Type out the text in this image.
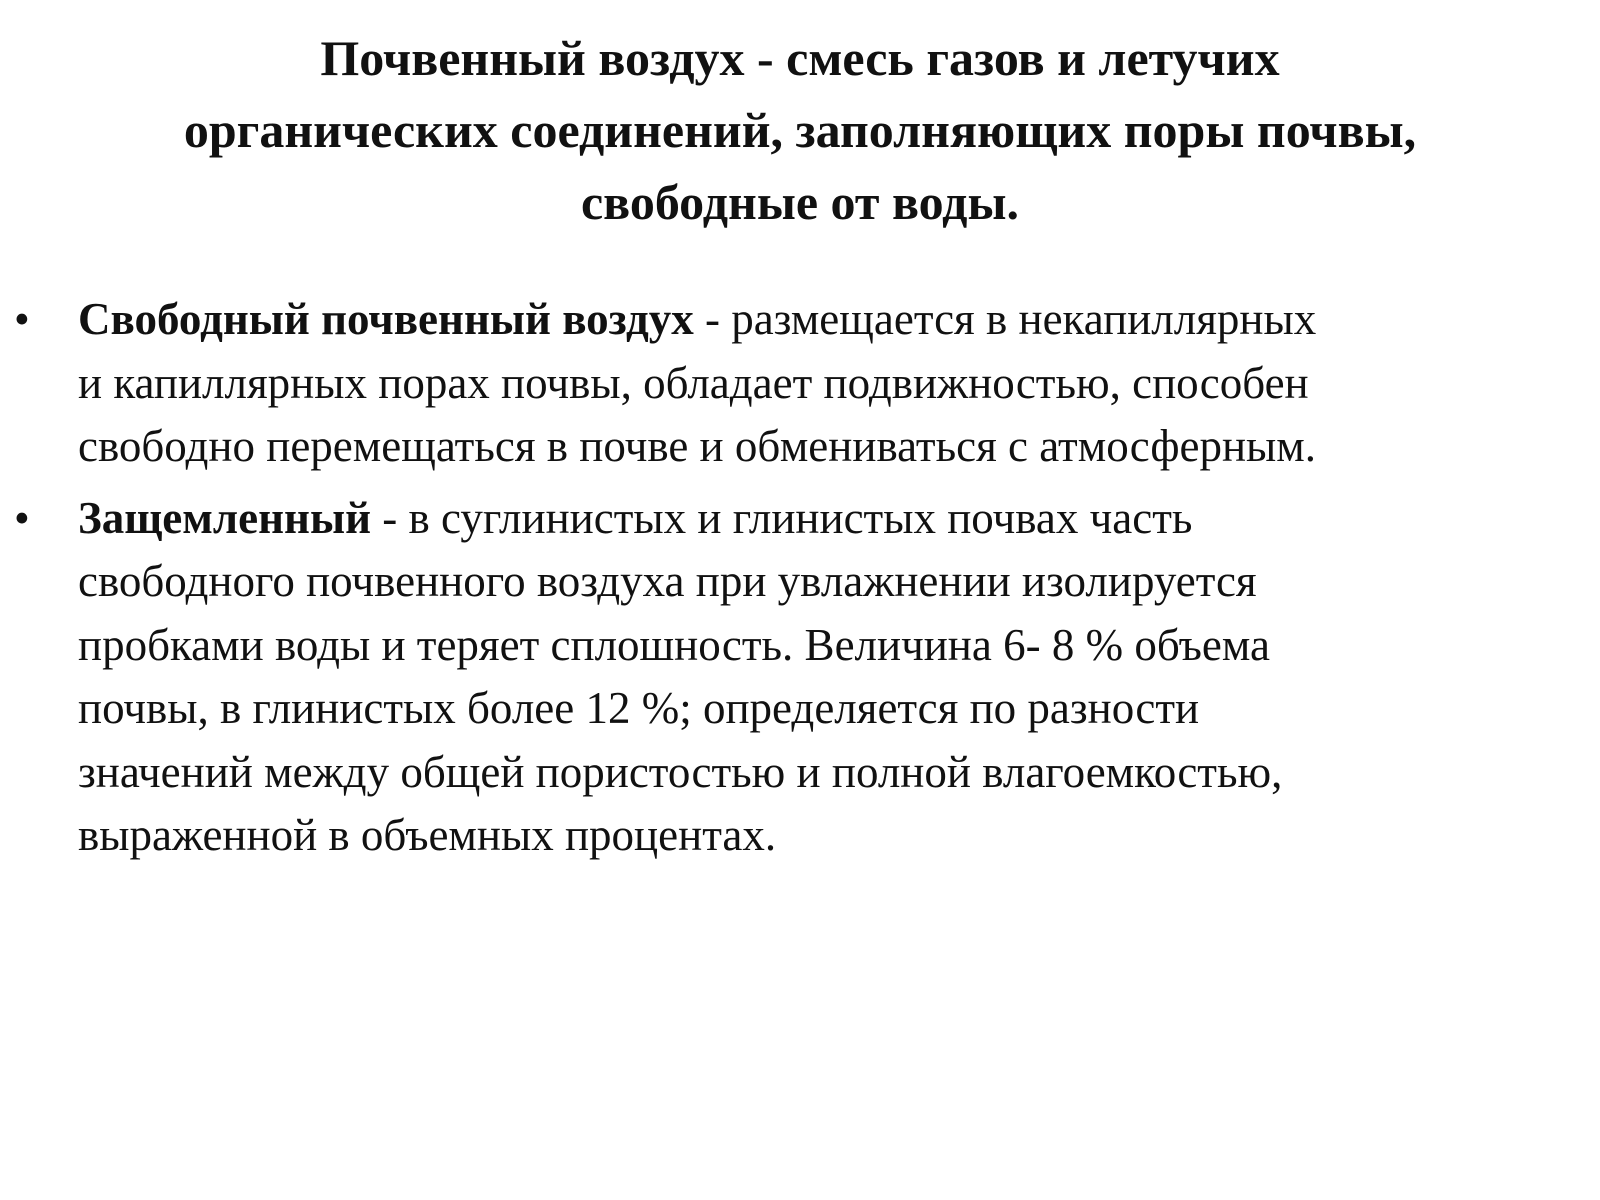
Почвенный воздух - смесь газов и летучих
органических соединений, заполняющих поры почвы,
свободные от воды.
• Свободный почвенный воздух - размещается в некапиллярных
и капиллярных порах почвы, обладает подвижностью, способен
свободно перемещаться в почве и обмениваться с атмосферным.
• Защемленный - в суглинистых и глинистых почвах часть
свободного почвенного воздуха при увлажнении изолируется
пробками воды и теряет сплошность. Величина 6- 8 % объема
почвы, в глинистых более 12 %; определяется по разности
значений между общей пористостью и полной влагоемкостью,
выраженной в объемных процентах.
